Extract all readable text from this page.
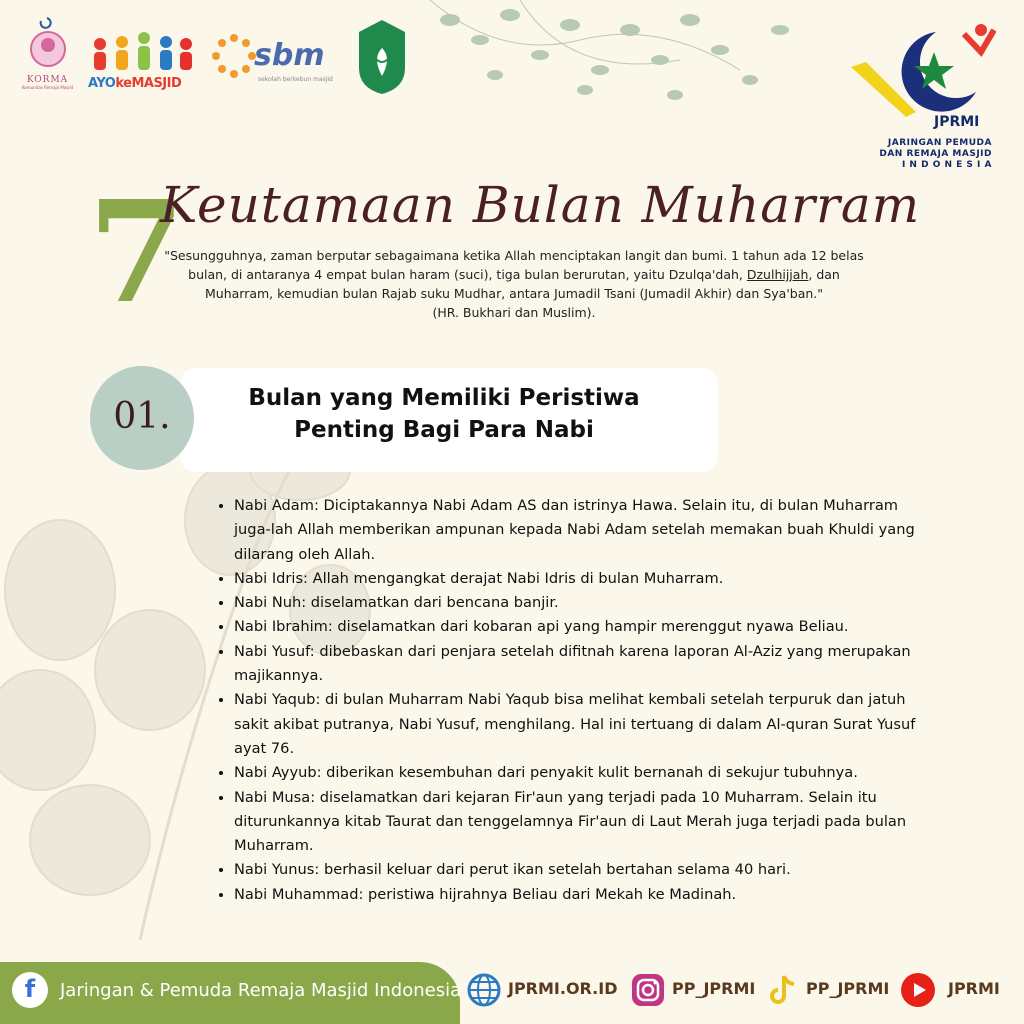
KORMA
Komunitas Remaja Masjid AYOkeMASJID
sbm
sekolah berkebun masjid
JPRMI
JARINGAN PEMUDA
DAN REMAJA MASJID
I N D O N E S I A
7
Keutamaan Bulan Muharram
"Sesungguhnya, zaman berputar sebagaimana ketika Allah menciptakan langit dan bumi. 1 tahun ada 12 belas bulan, di antaranya 4 empat bulan haram (suci), tiga bulan berurutan, yaitu Dzulqa'dah, Dzulhijjah, dan Muharram, kemudian bulan Rajab suku Mudhar, antara Jumadil Tsani (Jumadil Akhir) dan Sya'ban."
(HR. Bukhari dan Muslim).
01.	Bulan yang Memiliki Peristiwa
Penting Bagi Para Nabi
• Nabi Adam: Diciptakannya Nabi Adam AS dan istrinya Hawa. Selain itu, di bulan Muharram juga-lah Allah memberikan ampunan kepada Nabi Adam setelah memakan buah Khuldi yang dilarang oleh Allah.
• Nabi Idris: Allah mengangkat derajat Nabi Idris di bulan Muharram.
• Nabi Nuh: diselamatkan dari bencana banjir.
• Nabi Ibrahim: diselamatkan dari kobaran api yang hampir merenggut nyawa Beliau.
• Nabi Yusuf: dibebaskan dari penjara setelah difitnah karena laporan Al-Aziz yang merupakan majikannya.
• Nabi Yaqub: di bulan Muharram Nabi Yaqub bisa melihat kembali setelah terpuruk dan jatuh sakit akibat putranya, Nabi Yusuf, menghilang. Hal ini tertuang di dalam Al-quran Surat Yusuf ayat 76.
• Nabi Ayyub: diberikan kesembuhan dari penyakit kulit bernanah di sekujur tubuhnya.
• Nabi Musa: diselamatkan dari kejaran Fir'aun yang terjadi pada 10 Muharram. Selain itu diturunkannya kitab Taurat dan tenggelamnya Fir'aun di Laut Merah juga terjadi pada bulan Muharram.
• Nabi Yunus: berhasil keluar dari perut ikan setelah bertahan selama 40 hari.
• Nabi Muhammad: peristiwa hijrahnya Beliau dari Mekah ke Madinah.
f	Jaringan & Pemuda Remaja Masjid Indonesia	JPRMI.OR.ID	PP_JPRMI	PP_JPRMI	JPRMI
